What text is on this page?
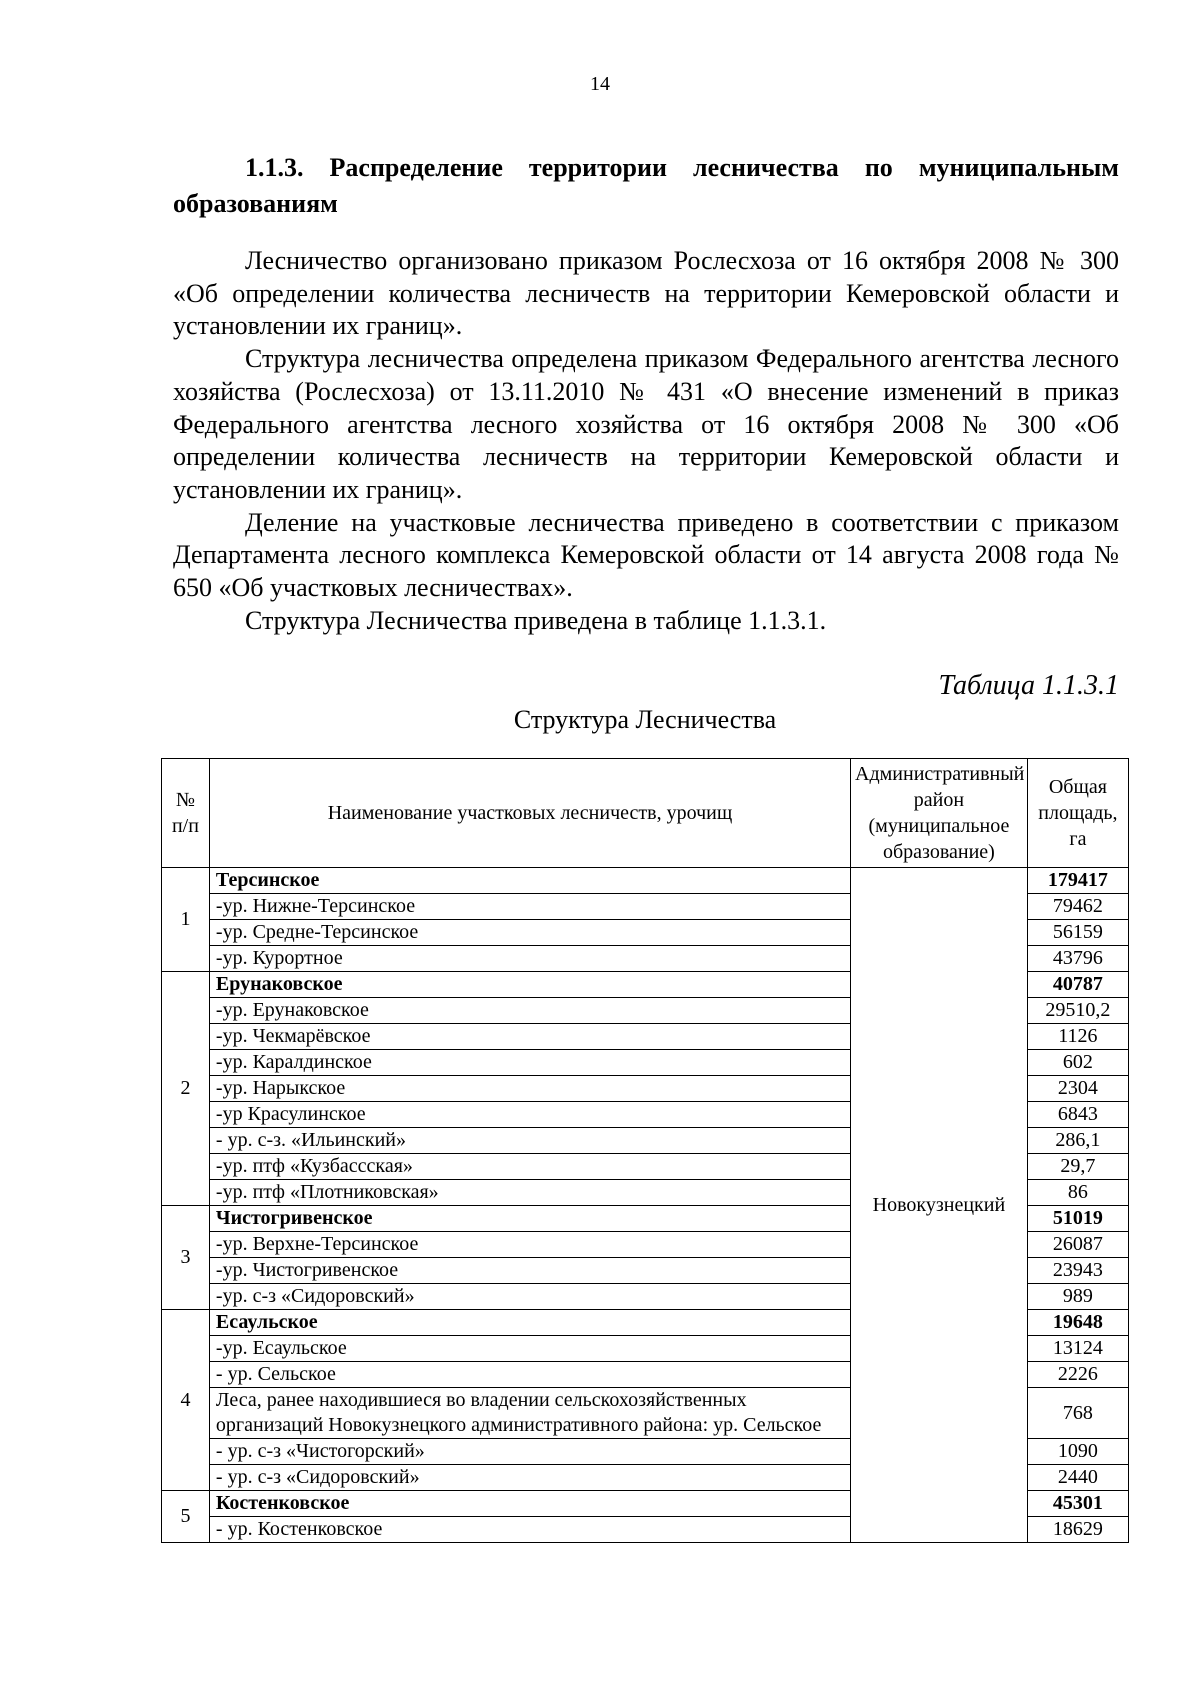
14
1.1.3. Распределение территории лесничества по муниципальным
образованиям

Лесничество организовано приказом Рослесхоза от 16 октября 2008 № 300 «Об определении количества лесничеств на территории Кемеровской области и установлении их границ».

Структура лесничества определена приказом Федерального агентства лесного хозяйства (Рослесхоза) от 13.11.2010 № 431 «О внесение изменений в приказ Федерального агентства лесного хозяйства от 16 октября 2008 № 300 «Об определении количества лесничеств на территории Кемеровской области и установлении их границ».

Деление на участковые лесничества приведено в соответствии с приказом Департамента лесного комплекса Кемеровской области от 14 августа 2008 года № 650 «Об участковых лесничествах».

Структура Лесничества приведена в таблице 1.1.3.1.

Таблица 1.1.3.1
Структура Лесничества
№ п/п	Наименование участковых лесничеств, урочищ	Административный район (муниципальное образование)	Общая площадь, га
1	Терсинское	Новокузнецкий	179417
	-ур. Нижне-Терсинское		79462
	-ур. Средне-Терсинское		56159
	-ур. Курортное		43796
2	Ерунаковское		40787
	-ур. Ерунаковское		29510,2
	-ур. Чекмарёвское		1126
	-ур. Каралдинское		602
	-ур. Нарыкское		2304
	-ур Красулинское		6843
	- ур. с-з. «Ильинский»		286,1
	-ур. птф «Кузбассская»		29,7
	-ур. птф «Плотниковская»		86
3	Чистогривенское		51019
	-ур. Верхне-Терсинское		26087
	-ур. Чистогривенское		23943
	-ур. с-з «Сидоровский»		989
4	Есаульское		19648
	-ур. Есаульское		13124
	- ур. Сельское		2226
	Леса, ранее находившиеся во владении сельскохозяйственных организаций Новокузнецкого административного района: ур. Сельское		768
	- ур. с-з «Чистогорский»		1090
	- ур. с-з «Сидоровский»		2440
5	Костенковское		45301
	- ур. Костенковское		18629
